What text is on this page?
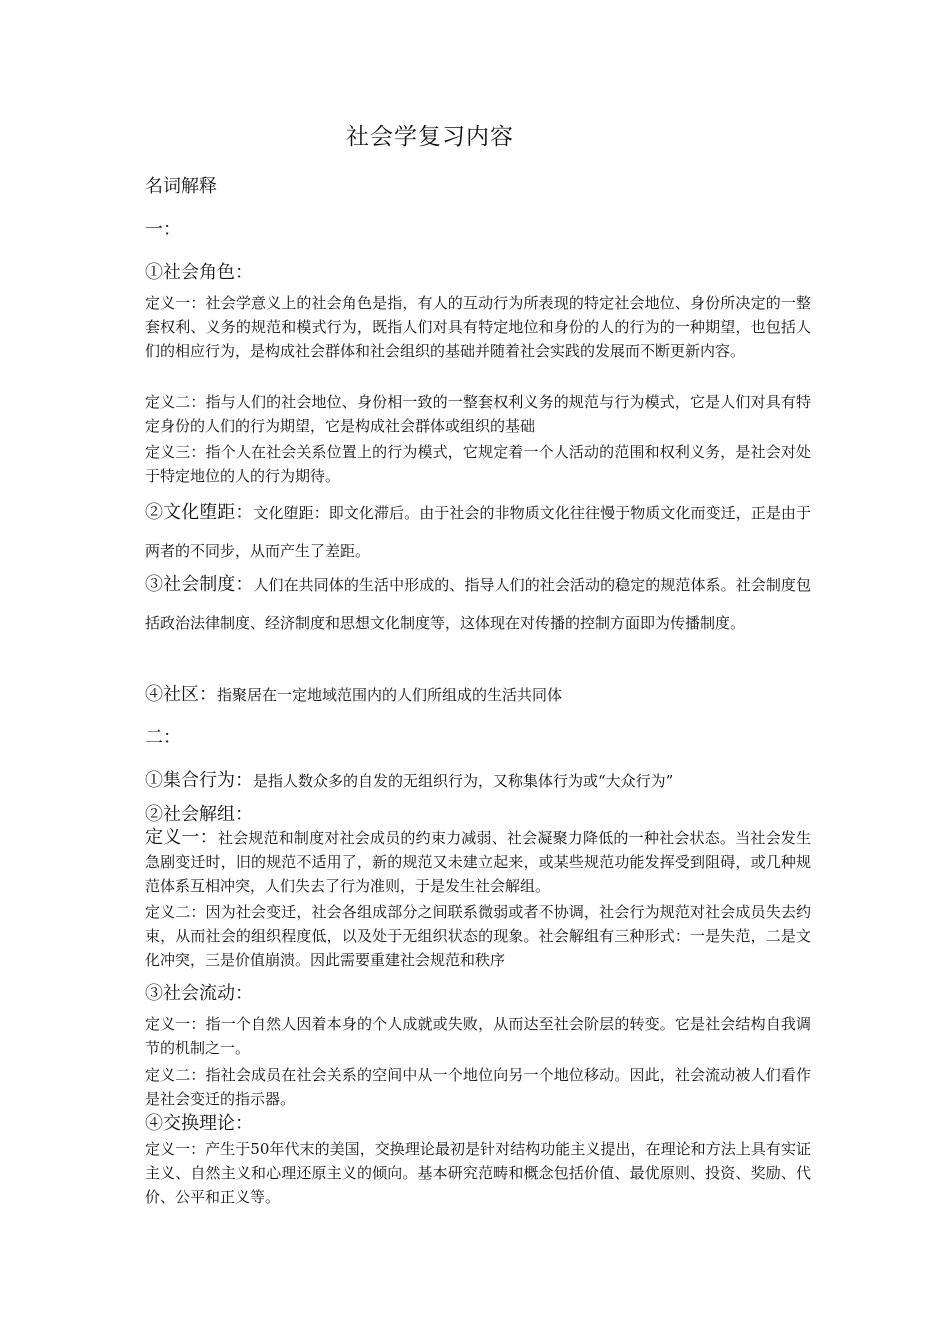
社会学复习内容
名词解释
一：
①社会角色：
定义一：社会学意义上的社会角色是指，有人的互动行为所表现的特定社会地位、身份所决定的一整套权利、义务的规范和模式行为，既指人们对具有特定地位和身份的人的行为的一种期望，也包括人们的相应行为，是构成社会群体和社会组织的基础并随着社会实践的发展而不断更新内容。
定义二：指与人们的社会地位、身份相一致的一整套权利义务的规范与行为模式，它是人们对具有特定身份的人们的行为期望，它是构成社会群体或组织的基础
定义三：指个人在社会关系位置上的行为模式，它规定着一个人活动的范围和权利义务，是社会对处于特定地位的人的行为期待。
②文化堕距：文化堕距：即文化滞后。由于社会的非物质文化往往慢于物质文化而变迁，正是由于两者的不同步，从而产生了差距。
③社会制度：人们在共同体的生活中形成的、指导人们的社会活动的稳定的规范体系。社会制度包括政治法律制度、经济制度和思想文化制度等，这体现在对传播的控制方面即为传播制度。
④社区：指聚居在一定地域范围内的人们所组成的生活共同体
二：
①集合行为：是指人数众多的自发的无组织行为，又称集体行为或“大众行为”
②社会解组：
定义一：社会规范和制度对社会成员的约束力减弱、社会凝聚力降低的一种社会状态。当社会发生急剧变迁时，旧的规范不适用了，新的规范又未建立起来，或某些规范功能发挥受到阻碍，或几种规范体系互相冲突，人们失去了行为准则，于是发生社会解组。
定义二：因为社会变迁，社会各组成部分之间联系微弱或者不协调，社会行为规范对社会成员失去约束，从而社会的组织程度低，以及处于无组织状态的现象。社会解组有三种形式：一是失范，二是文化冲突，三是价值崩溃。因此需要重建社会规范和秩序
③社会流动：
定义一：指一个自然人因着本身的个人成就或失败，从而达至社会阶层的转变。它是社会结构自我调节的机制之一。
定义二：指社会成员在社会关系的空间中从一个地位向另一个地位移动。因此，社会流动被人们看作是社会变迁的指示器。
④交换理论：
定义一：产生于50年代末的美国，交换理论最初是针对结构功能主义提出，在理论和方法上具有实证主义、自然主义和心理还原主义的倾向。基本研究范畴和概念包括价值、最优原则、投资、奖励、代价、公平和正义等。
